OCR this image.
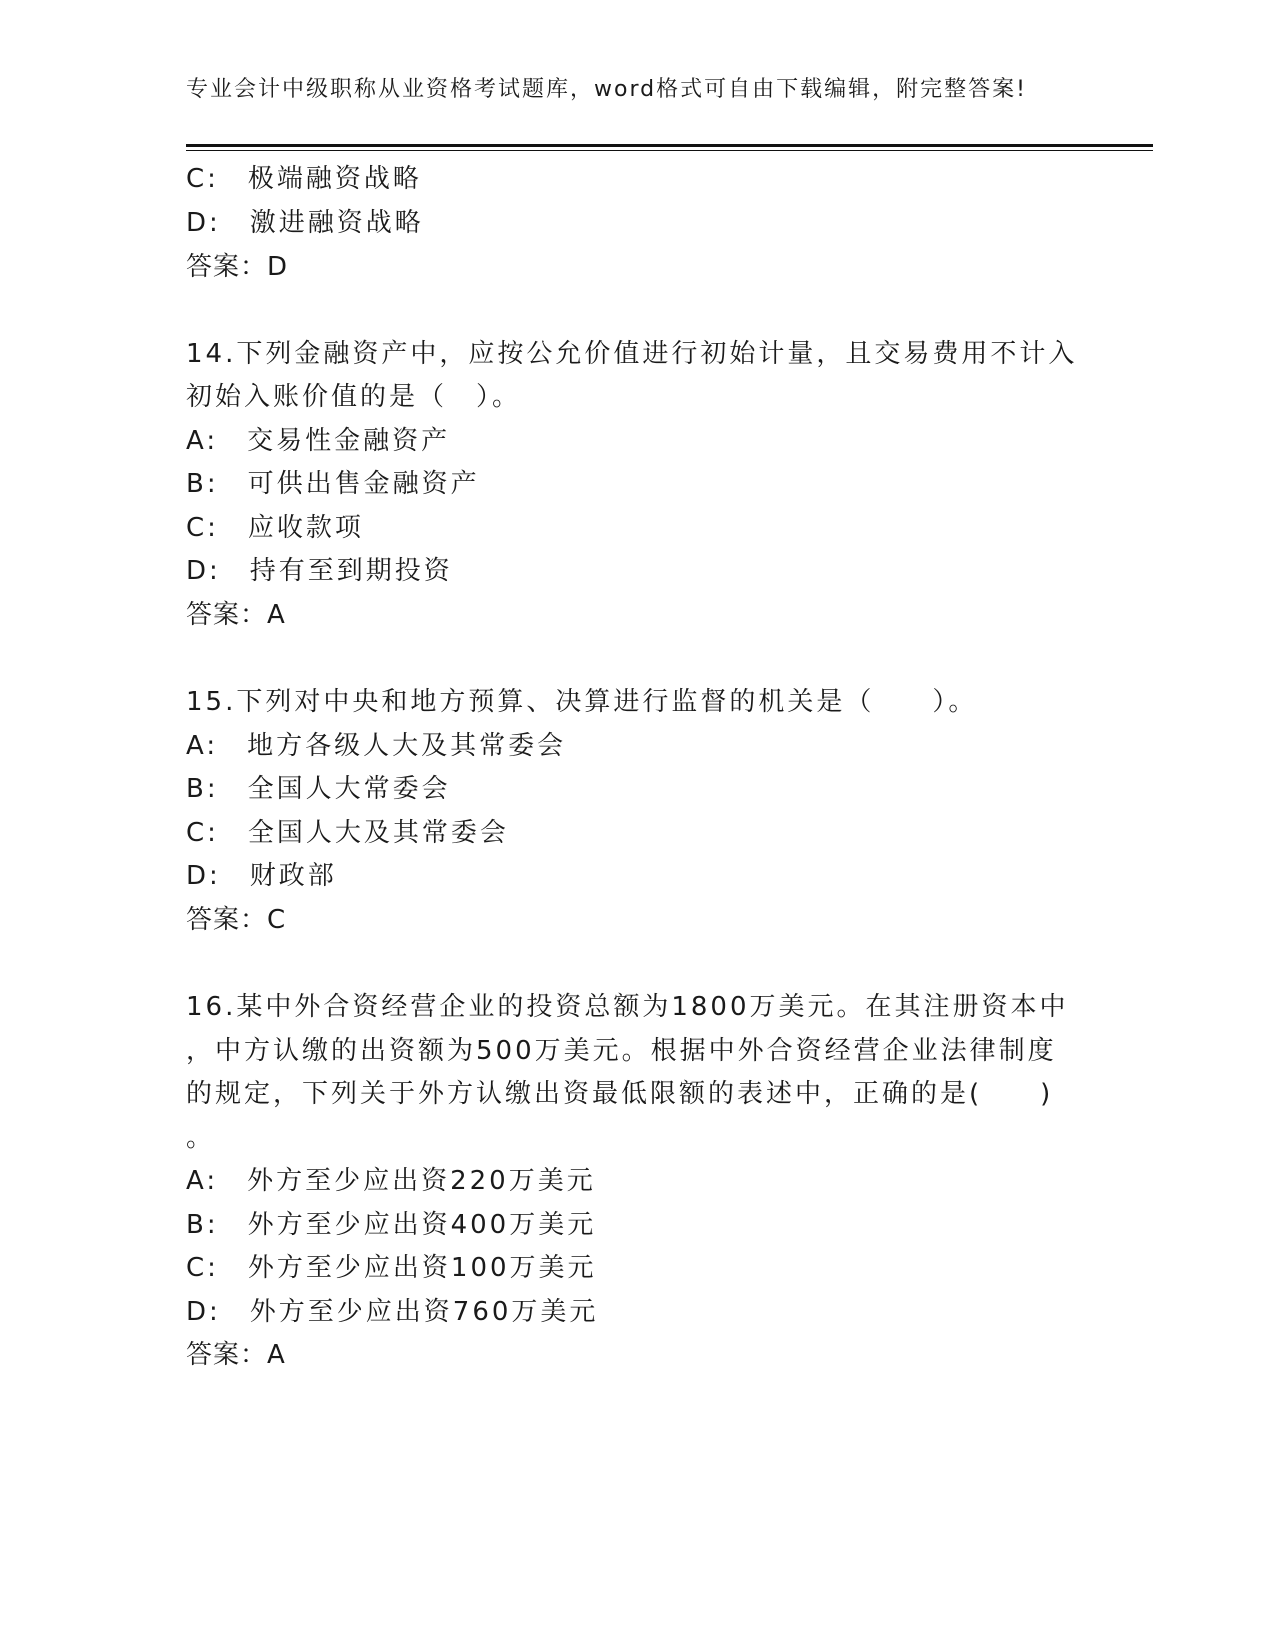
专业会计中级职称从业资格考试题库，word格式可自由下载编辑，附完整答案!
C:　极端融资战略
D:　激进融资战略
答案：D
14.下列金融资产中，应按公允价值进行初始计量，且交易费用不计入
初始入账价值的是（　）。
A:　交易性金融资产
B:　可供出售金融资产
C:　应收款项
D:　持有至到期投资
答案：A
15.下列对中央和地方预算、决算进行监督的机关是（　　）。
A:　地方各级人大及其常委会
B:　全国人大常委会
C:　全国人大及其常委会
D:　财政部
答案：C
16.某中外合资经营企业的投资总额为1800万美元。在其注册资本中
，中方认缴的出资额为500万美元。根据中外合资经营企业法律制度
的规定，下列关于外方认缴出资最低限额的表述中，正确的是(　　)
。
A:　外方至少应出资220万美元
B:　外方至少应出资400万美元
C:　外方至少应出资100万美元
D:　外方至少应出资760万美元
答案：A
